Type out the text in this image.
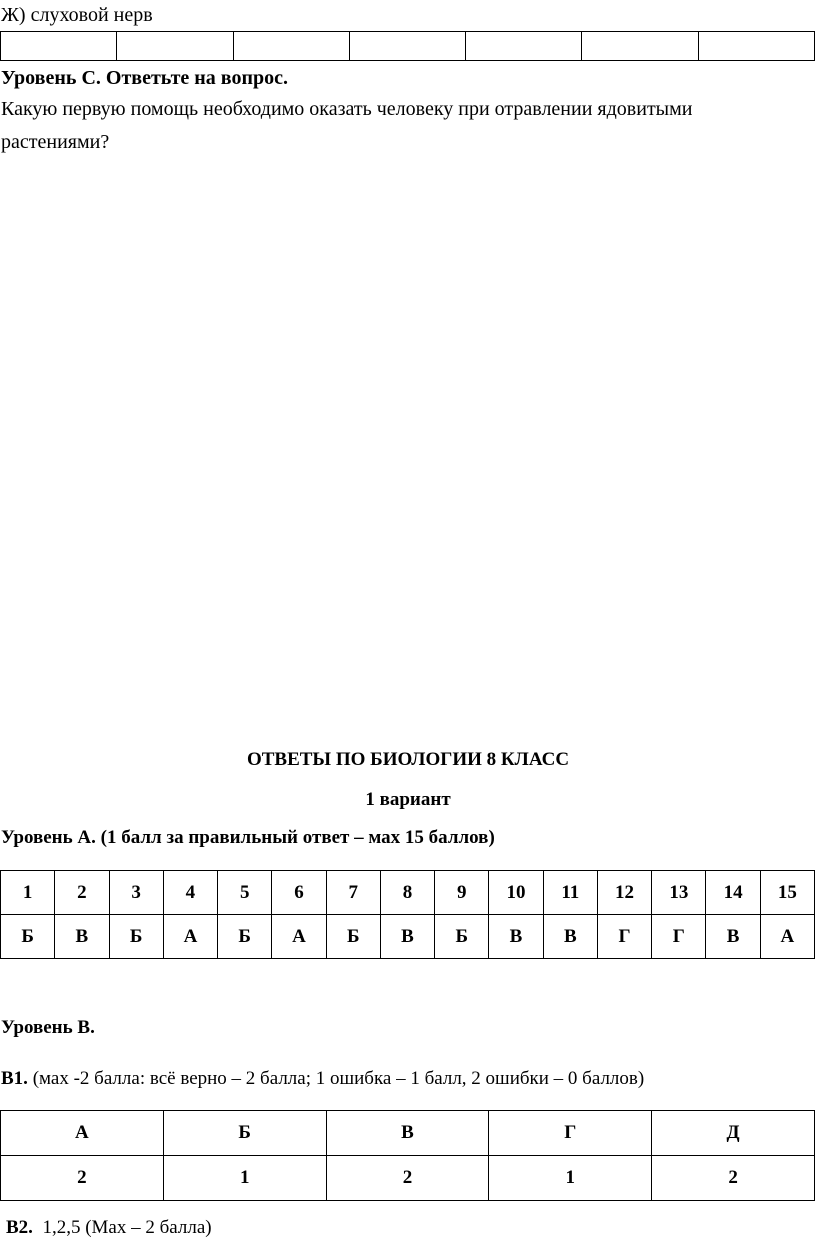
Ж) слуховой нерв

Уровень С. Ответьте на вопрос.
Какую первую помощь необходимо оказать человеку при отравлении ядовитыми
растениями?
ОТВЕТЫ ПО БИОЛОГИИ 8 КЛАСС
1 вариант
Уровень А. (1 балл за правильный ответ – мах 15 баллов)
1	2	3	4	5	6	7	8	9	10	11	12	13	14	15
Б	В	Б	А	Б	А	Б	В	Б	В	В	Г	Г	В	А
Уровень В.
В1. (мах -2 балла: всё верно – 2 балла; 1 ошибка – 1 балл, 2 ошибки – 0 баллов)
А	Б	В	Г	Д
2	1	2	1	2
В2. 1,2,5 (Мах – 2 балла)
